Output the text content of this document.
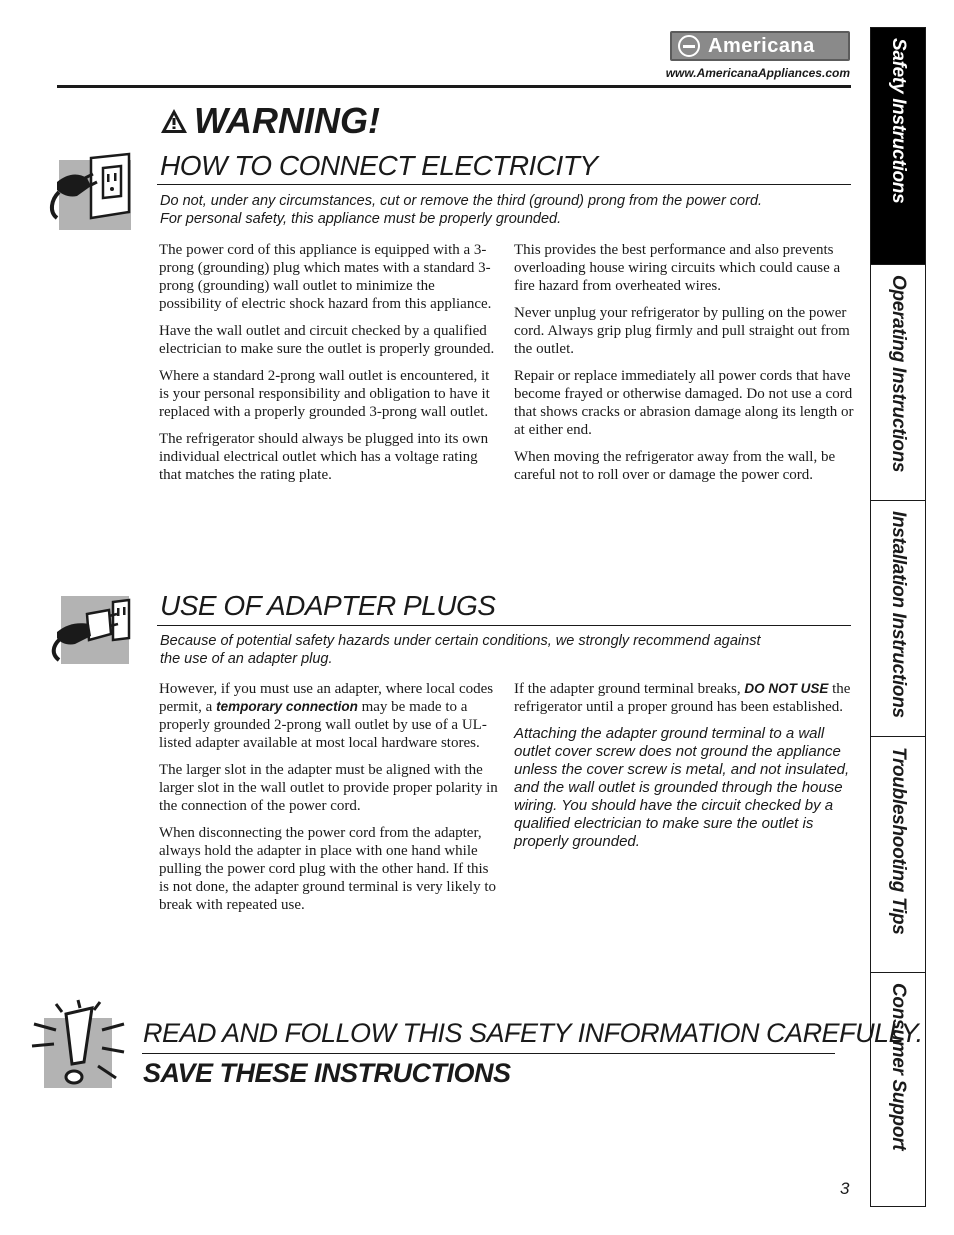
Americana
www.AmericanaAppliances.com
WARNING!
HOW TO CONNECT ELECTRICITY
Do not, under any circumstances, cut or remove the third (ground) prong from the power cord.
For personal safety, this appliance must be properly grounded.

The power cord of this appliance is equipped with a 3-prong (grounding) plug which mates with a standard 3-prong (grounding) wall outlet to minimize the possibility of electric shock hazard from this appliance.

Have the wall outlet and circuit checked by a qualified electrician to make sure the outlet is properly grounded.

Where a standard 2-prong wall outlet is encountered, it is your personal responsibility and obligation to have it replaced with a properly grounded 3-prong wall outlet.

The refrigerator should always be plugged into its own individual electrical outlet which has a voltage rating that matches the rating plate.

This provides the best performance and also prevents overloading house wiring circuits which could cause a fire hazard from overheated wires.

Never unplug your refrigerator by pulling on the power cord. Always grip plug firmly and pull straight out from the outlet.

Repair or replace immediately all power cords that have become frayed or otherwise damaged. Do not use a cord that shows cracks or abrasion damage along its length or at either end.

When moving the refrigerator away from the wall, be careful not to roll over or damage the power cord.

USE OF ADAPTER PLUGS
Because of potential safety hazards under certain conditions, we strongly recommend against
the use of an adapter plug.

However, if you must use an adapter, where local codes permit, a temporary connection may be made to a properly grounded 2-prong wall outlet by use of a UL-listed adapter available at most local hardware stores.

The larger slot in the adapter must be aligned with the larger slot in the wall outlet to provide proper polarity in the connection of the power cord.

When disconnecting the power cord from the adapter, always hold the adapter in place with one hand while pulling the power cord plug with the other hand. If this is not done, the adapter ground terminal is very likely to break with repeated use.

If the adapter ground terminal breaks, DO NOT USE the refrigerator until a proper ground has been established.

Attaching the adapter ground terminal to a wall outlet cover screw does not ground the appliance unless the cover screw is metal, and not insulated, and the wall outlet is grounded through the house wiring. You should have the circuit checked by a qualified electrician to make sure the outlet is properly grounded.

READ AND FOLLOW THIS SAFETY INFORMATION CAREFULLY.
SAVE THESE INSTRUCTIONS
3
Safety Instructions
Operating Instructions
Installation Instructions
Troubleshooting Tips
Consumer Support
